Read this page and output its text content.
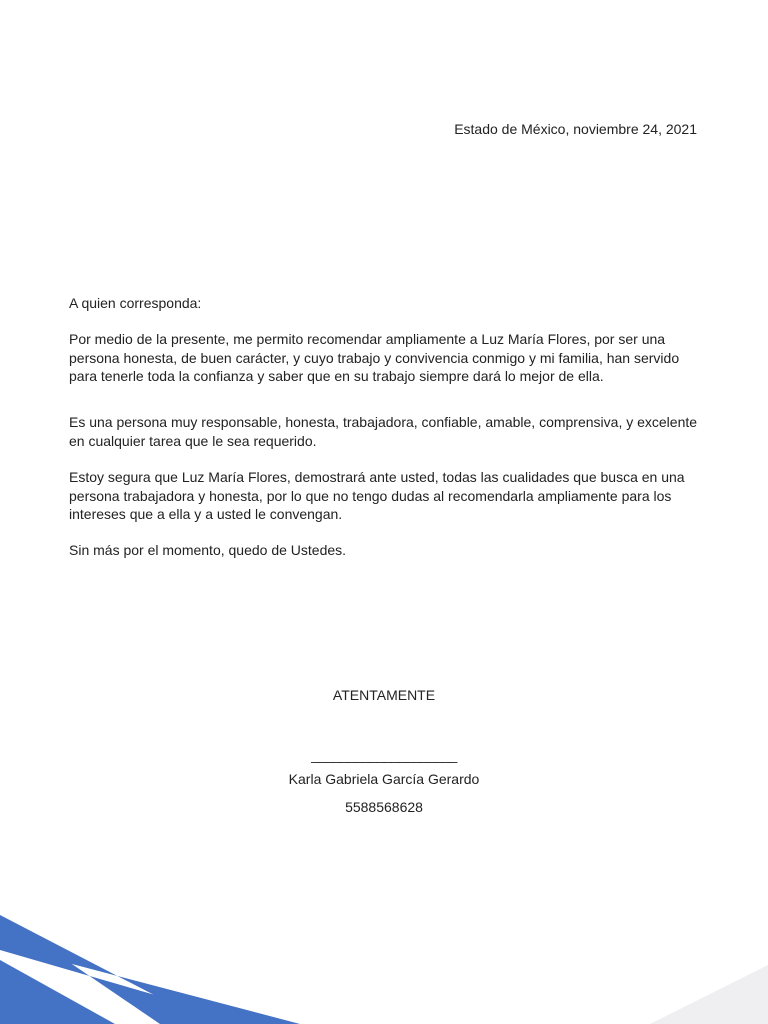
Estado de México, noviembre 24, 2021

A quien corresponda:

Por medio de la presente, me permito recomendar ampliamente a Luz María Flores, por ser una persona honesta, de buen carácter, y cuyo trabajo y convivencia conmigo y mi familia, han servido para tenerle toda la confianza y saber que en su trabajo siempre dará lo mejor de ella.

Es una persona muy responsable, honesta, trabajadora, confiable, amable, comprensiva, y excelente en cualquier tarea que le sea requerido.

Estoy segura que Luz María Flores, demostrará ante usted, todas las cualidades que busca en una persona trabajadora y honesta, por lo que no tengo dudas al recomendarla ampliamente para los intereses que a ella y a usted le convengan.

Sin más por el momento, quedo de Ustedes.

ATENTAMENTE
____________________
Karla Gabriela García Gerardo
5588568628
